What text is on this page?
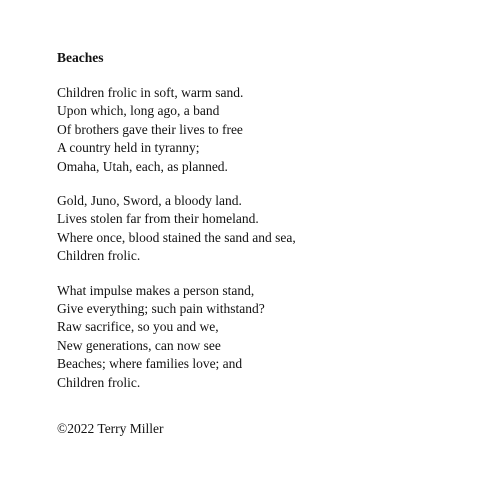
Beaches
Children frolic in soft, warm sand.
Upon which, long ago, a band
Of brothers gave their lives to free
A country held in tyranny;
Omaha, Utah, each, as planned.
Gold, Juno, Sword, a bloody land.
Lives stolen far from their homeland.
Where once, blood stained the sand and sea,
Children frolic.
What impulse makes a person stand,
Give everything; such pain withstand?
Raw sacrifice, so you and we,
New generations, can now see
Beaches; where families love; and
Children frolic.
©2022 Terry Miller
